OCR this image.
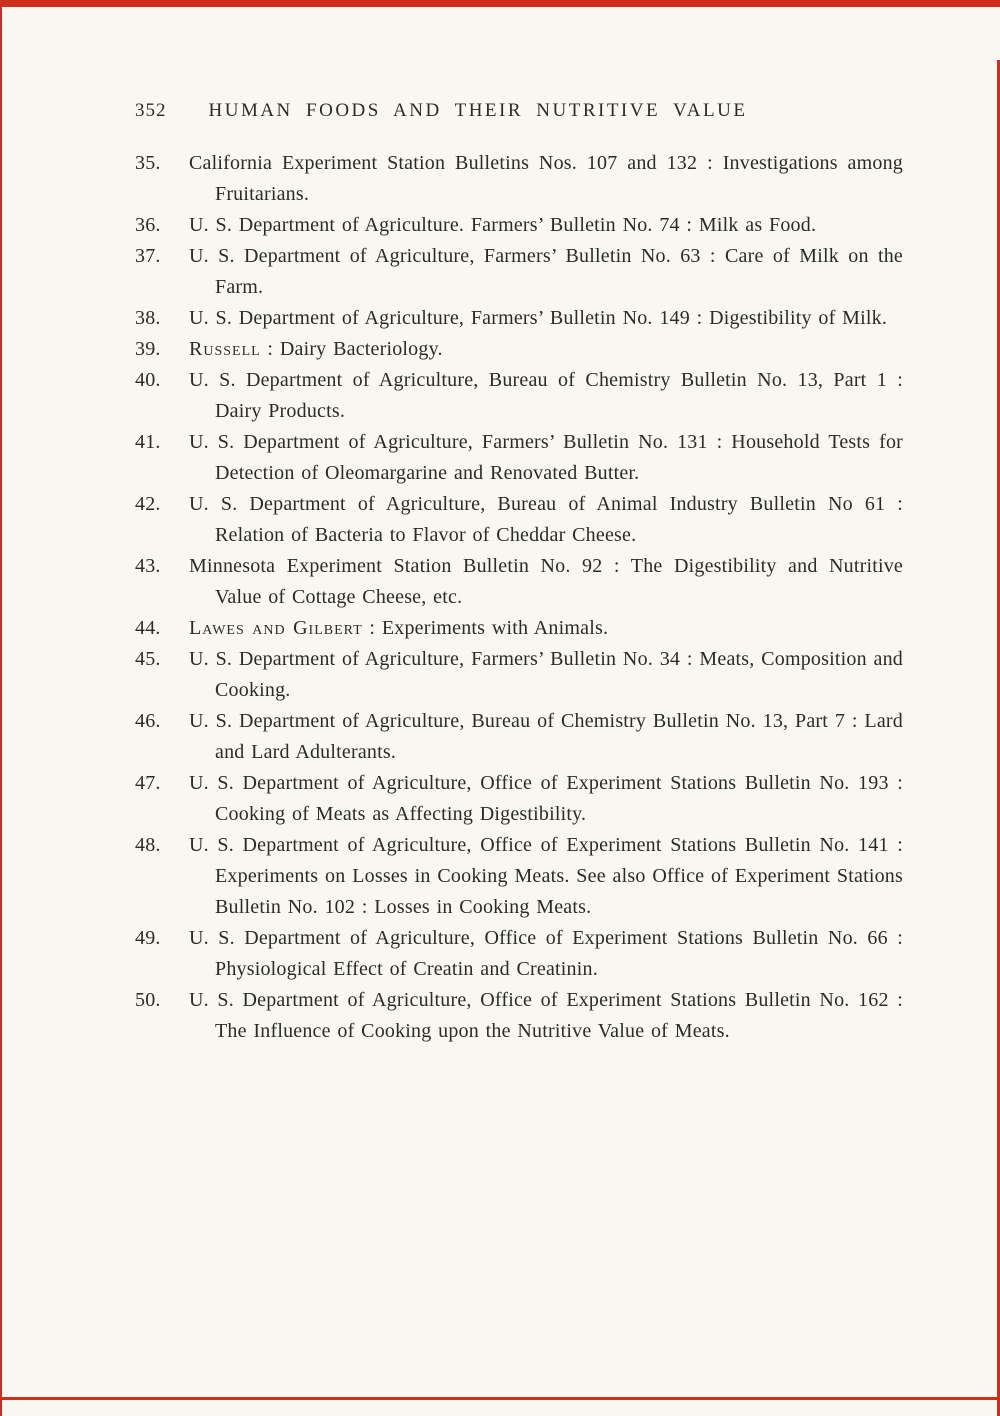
352 HUMAN FOODS AND THEIR NUTRITIVE VALUE
35.	California Experiment Station Bulletins Nos. 107 and 132 : Investigations among Fruitarians.
36.	U. S. Department of Agriculture. Farmers’ Bulletin No. 74 : Milk as Food.
37.	U. S. Department of Agriculture, Farmers’ Bulletin No. 63 : Care of Milk on the Farm.
38.	U. S. Department of Agriculture, Farmers’ Bulletin No. 149 : Digestibility of Milk.
39.	Russell : Dairy Bacteriology.
40.	U. S. Department of Agriculture, Bureau of Chemistry Bulletin No. 13, Part 1 : Dairy Products.
41.	U. S. Department of Agriculture, Farmers’ Bulletin No. 131 : Household Tests for Detection of Oleomargarine and Renovated Butter.
42.	U. S. Department of Agriculture, Bureau of Animal Industry Bulletin No 61 : Relation of Bacteria to Flavor of Cheddar Cheese.
43.	Minnesota Experiment Station Bulletin No. 92 : The Digestibility and Nutritive Value of Cottage Cheese, etc.
44.	Lawes and Gilbert : Experiments with Animals.
45.	U. S. Department of Agriculture, Farmers’ Bulletin No. 34 : Meats, Composition and Cooking.
46.	U. S. Department of Agriculture, Bureau of Chemistry Bulletin No. 13, Part 7 : Lard and Lard Adulterants.
47.	U. S. Department of Agriculture, Office of Experiment Stations Bulletin No. 193 : Cooking of Meats as Affecting Digestibility.
48.	U. S. Department of Agriculture, Office of Experiment Stations Bulletin No. 141 : Experiments on Losses in Cooking Meats. See also Office of Experiment Stations Bulletin No. 102 : Losses in Cooking Meats.
49.	U. S. Department of Agriculture, Office of Experiment Stations Bulletin No. 66 : Physiological Effect of Creatin and Creatinin.
50.	U. S. Department of Agriculture, Office of Experiment Stations Bulletin No. 162 : The Influence of Cooking upon the Nutritive Value of Meats.
